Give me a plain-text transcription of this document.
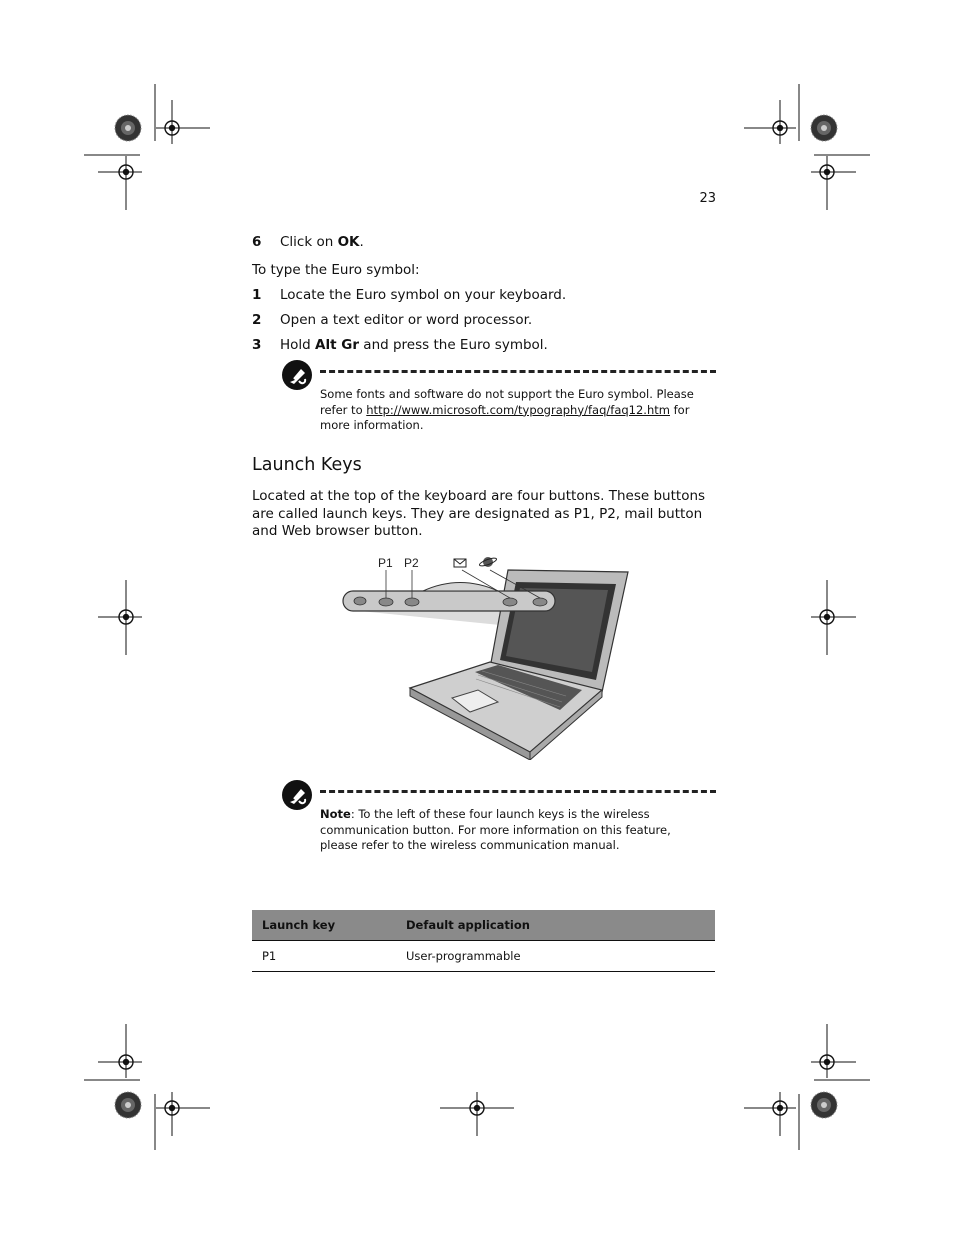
23
6 Click on OK.
To type the Euro symbol:
1 Locate the Euro symbol on your keyboard.
2 Open a text editor or word processor.
3 Hold Alt Gr and press the Euro symbol.
Some fonts and software do not support the Euro symbol. Please
refer to http://www.microsoft.com/typography/faq/faq12.htm for
more information.
Launch Keys
Located at the top of the keyboard are four buttons. These buttons are called launch keys. They are designated as P1, P2, mail button and Web browser button.
P1 P2
Note: To the left of these four launch keys is the wireless communication button. For more information on this feature, please refer to the wireless communication manual.
Launch key	Default application
P1	User-programmable
